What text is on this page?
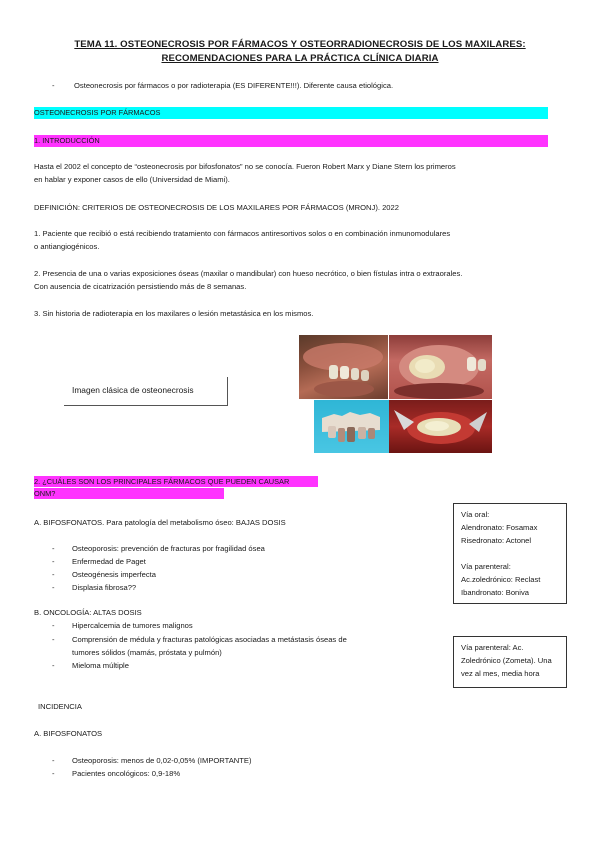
TEMA 11. OSTEONECROSIS POR FÁRMACOS Y OSTEORRADIONECROSIS DE LOS MAXILARES:
RECOMENDACIONES PARA LA PRÁCTICA CLÍNICA DIARIA
-	Osteonecrosis por fármacos o por radioterapia (ES DIFERENTE!!!). Diferente causa etiológica.
OSTEONECROSIS POR FÁRMACOS
1. INTRODUCCIÓN
Hasta el 2002 el concepto de “osteonecrosis por bifosfonatos” no se conocía. Fueron Robert Marx y Diane Stern los primeros
en hablar y exponer casos de ello (Universidad de Miami).
DEFINICIÓN: CRITERIOS DE OSTEONECROSIS DE LOS MAXILARES POR FÁRMACOS (MRONJ). 2022
1. Paciente que recibió o está recibiendo tratamiento con fármacos antiresortivos solos o en combinación inmunomodulares
o antiangiogénicos.
2. Presencia de una o varias exposiciones óseas (maxilar o mandibular) con hueso necrótico, o bien fístulas intra o extraorales.
Con ausencia de cicatrización persistiendo más de 8 semanas.
3. Sin historia de radioterapia en los maxilares o lesión metastásica en los mismos.
Imagen clásica de osteonecrosis
2. ¿CUÁLES SON LOS PRINCIPALES FÁRMACOS QUE PUEDEN CAUSAR
ONM?
Vía oral:
Alendronato: Fosamax
Risedronato: Actonel
Vía parenteral:
Ac.zoledrónico: Reclast
Ibandronato: Boniva
A. BIFOSFONATOS. Para patología del metabolismo óseo: BAJAS DOSIS
- Osteoporosis: prevención de fracturas por fragilidad ósea
- Enfermedad de Paget
- Osteogénesis imperfecta
- Displasia fibrosa??
B. ONCOLOGÍA: ALTAS DOSIS
- Hipercalcemia de tumores malignos
- Comprensión de médula y fracturas patológicas asociadas a metástasis óseas de
tumores sólidos (mamás, próstata y pulmón)
- Mieloma múltiple
Vía parenteral: Ac.
Zoledrónico (Zometa). Una
vez al mes, media hora
INCIDENCIA
A. BIFOSFONATOS
- Osteoporosis: menos de 0,02-0,05% (IMPORTANTE)
- Pacientes oncológicos: 0,9-18%
